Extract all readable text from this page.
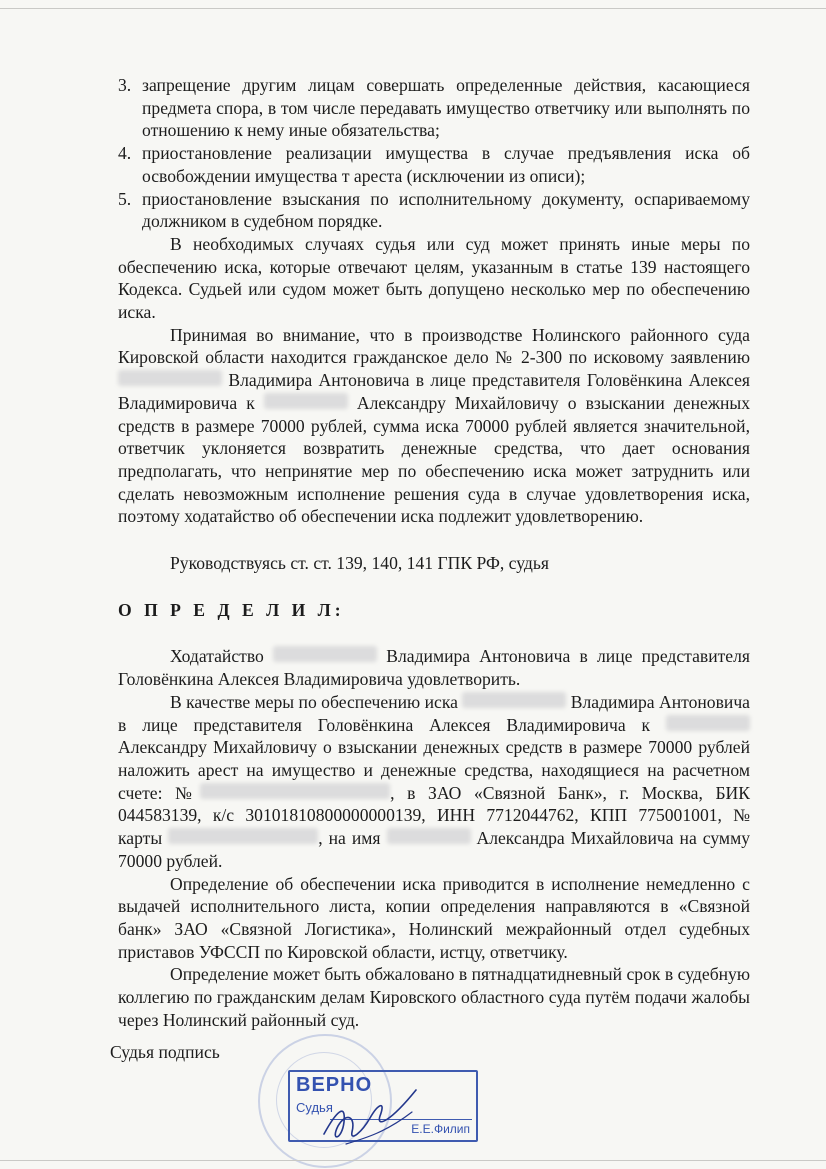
3. запрещение другим лицам совершать определенные действия, касающиеся предмета спора, в том числе передавать имущество ответчику или выполнять по отношению к нему иные обязательства;
4. приостановление реализации имущества в случае предъявления иска об освобождении имущества т ареста (исключении из описи);
5. приостановление взыскания по исполнительному документу, оспариваемому должником в судебном порядке.

В необходимых случаях судья или суд может принять иные меры по обеспечению иска, которые отвечают целям, указанным в статье 139 настоящего Кодекса. Судьей или судом может быть допущено несколько мер по обеспечению иска.

Принимая во внимание, что в производстве Нолинского районного суда Кировской области находится гражданское дело № 2-300 по исковому заявлению  Владимира Антоновича в лице представителя Головёнкина Алексея Владимировича к	Александру Михайловичу о взыскании денежных средств в размере 70000 рублей, сумма иска 70000 рублей является значительной, ответчик уклоняется возвратить денежные средства, что дает основания предполагать, что непринятие мер по обеспечению иска может затруднить или сделать невозможным исполнение решения суда в случае удовлетворения иска, поэтому ходатайство об обеспечении иска подлежит удовлетворению.

Руководствуясь ст. ст. 139, 140, 141 ГПК РФ, судья

О П Р Е Д Е Л И Л:

Ходатайство	Владимира Антоновича в лице представителя Головёнкина Алексея Владимировича удовлетворить.

В качестве меры по обеспечению иска	Владимира Антоновича в лице представителя Головёнкина Алексея Владимировича к  Александру Михайловичу о взыскании денежных средств в размере 70000 рублей наложить арест на имущество и денежные средства, находящиеся на расчетном счете: №	, в ЗАО «Связной Банк», г. Москва, БИК 044583139, к/с 30101810800000000139, ИНН 7712044762, КПП 775001001, № карты	, на имя	Александра Михайловича на сумму 70000 рублей.

Определение об обеспечении иска приводится в исполнение немедленно с выдачей исполнительного листа, копии определения направляются в «Связной банк» ЗАО «Связной Логистика», Нолинский межрайонный отдел судебных приставов УФССП по Кировской области, истцу, ответчику.

Определение может быть обжаловано в пятнадцатидневный срок в судебную коллегию по гражданским делам Кировского областного суда путём подачи жалобы через Нолинский районный суд.

Судья подпись
ВЕРНО
Судья
Е.Е.Филип
